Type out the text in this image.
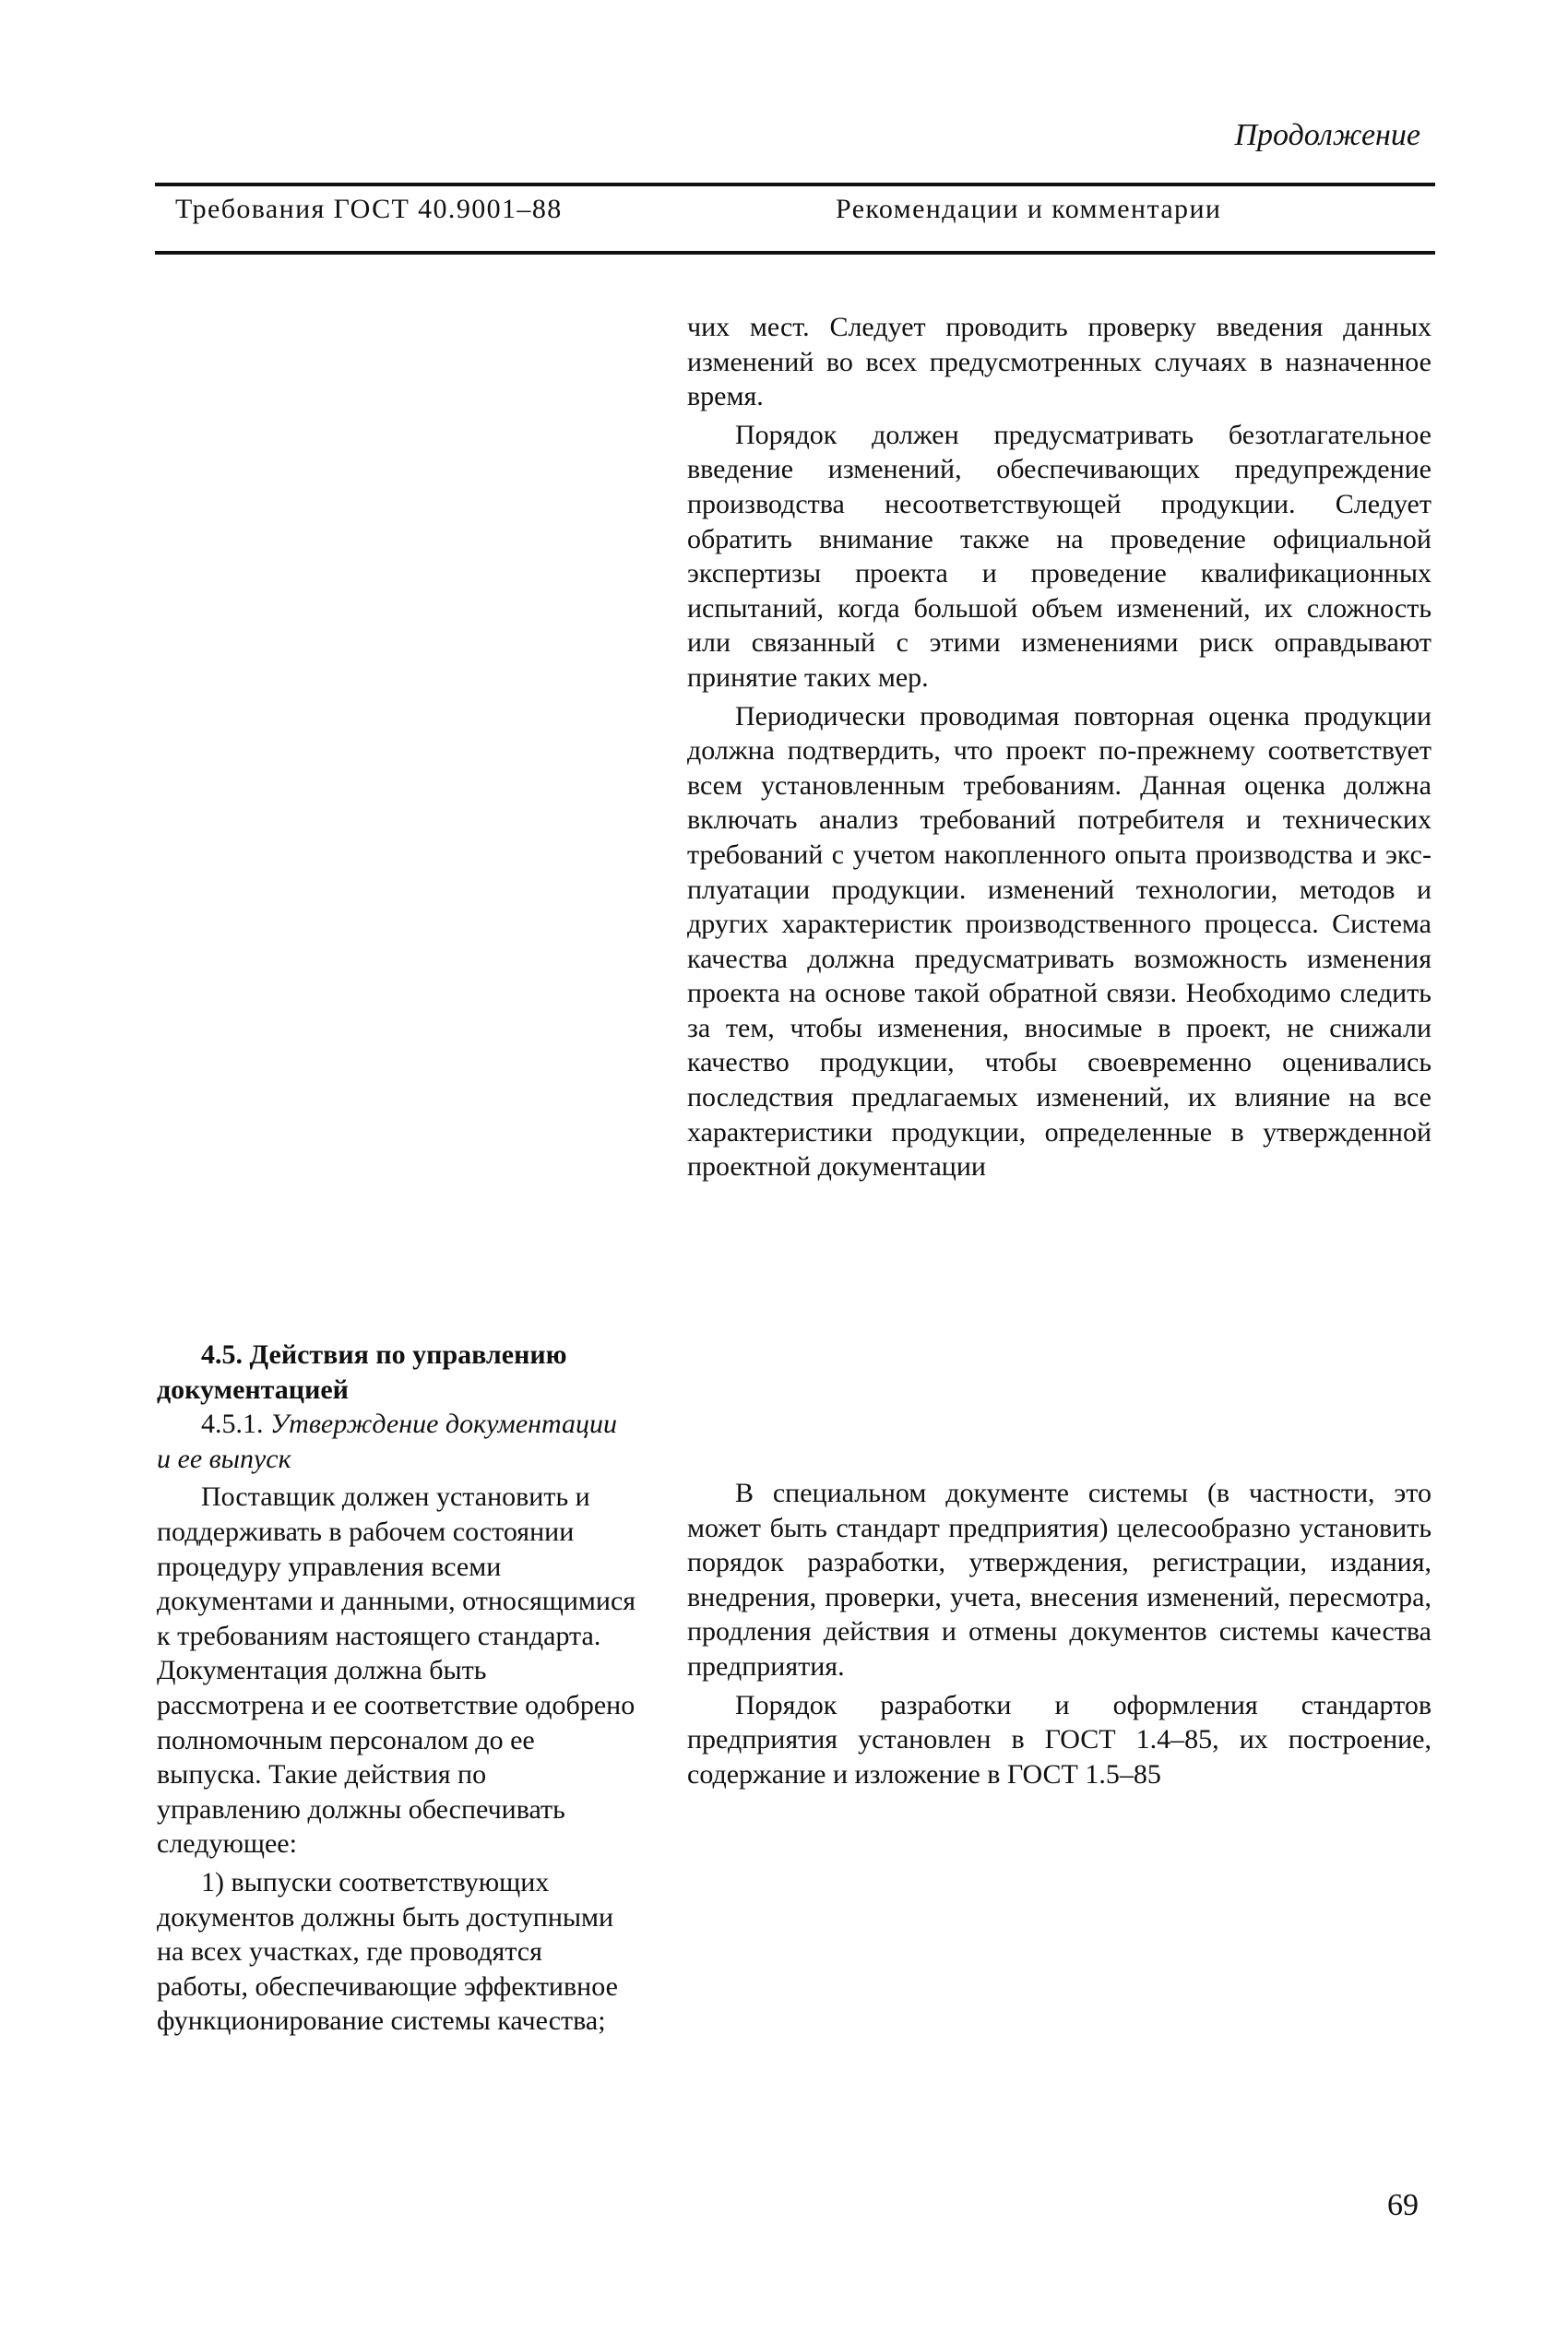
Продолжение

Требования ГОСТ 40.9001–88	Рекомендации и комментарии

чих мест. Следует проводить проверку введения данных изменений во всех предусмотренных случаях в назначенное время.

Порядок должен предусматривать безотлагательное введение изменений, обеспечивающих предупреждение производства несоответствующей продукции. Следует обратить внимание также на проведение официальной экспертизы проекта и проведение квалификационных испытаний, когда большой объем изменений, их сложность или связанный с этими изменениями риск оправдывают принятие таких мер.

Периодически проводимая повторная оценка продукции должна подтвердить, что проект по-прежнему соответствует всем установленным требованиям. Данная оценка должна включать анализ требований потребителя и технических требований с учетом накопленного опыта производства и эксплуатации продукции. изменений технологии, методов и других характеристик производственного процесса. Система качества должна предусматривать возможность изменения проекта на основе такой обратной связи. Необходимо следить за тем, чтобы изменения, вносимые в проект, не снижали качество продукции, чтобы своевременно оценивались последствия предлагаемых изменений, их влияние на все характеристики продукции, определенные в утвержденной проектной документации

4.5. Действия по управлению документацией

4.5.1. Утверждение документации и ее выпуск

Поставщик должен установить и поддерживать в рабочем состоянии процедуру управления всеми документами и данными, относящимися к требованиям настоящего стандарта. Документация должна быть рассмотрена и ее соответствие одобрено полномочным персоналом до ее выпуска. Такие действия по управлению должны обеспечивать следующее:

1) выпуски соответствующих документов должны быть доступными на всех участках, где проводятся работы, обеспечивающие эффективное функционирование системы качества;

В специальном документе системы (в частности, это может быть стандарт предприятия) целесообразно установить порядок разработки, утверждения, регистрации, издания, внедрения, проверки, учета, внесения изменений, пересмотра, продления действия и отмены документов системы качества предприятия.

Порядок разработки и оформления стандартов предприятия установлен в ГОСТ 1.4–85, их построение, содержание и изложение в ГОСТ 1.5–85

69
